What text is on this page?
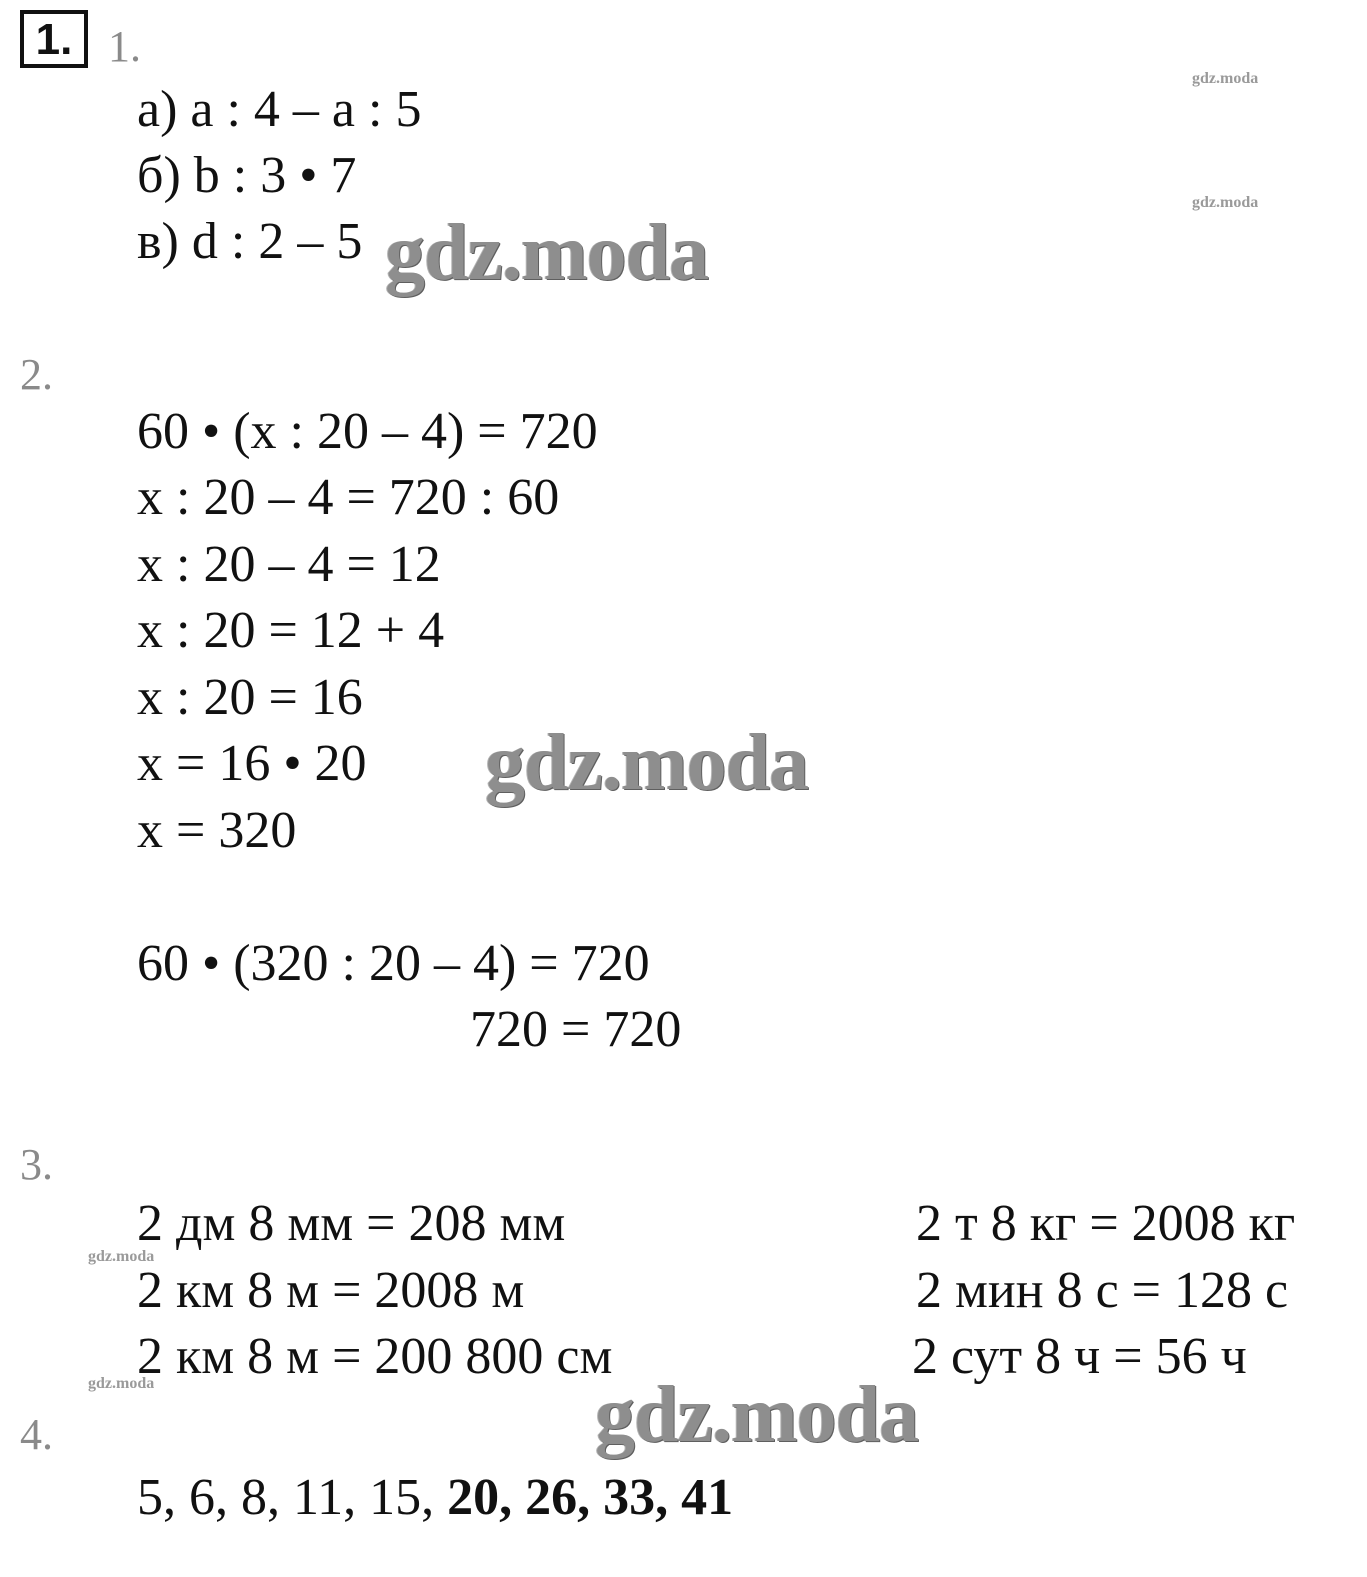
1. 1.
а) a : 4 – a : 5
б) b : 3 • 7
в) d : 2 – 5
2.
60 • (x : 20 – 4) = 720
x : 20 – 4 = 720 : 60
x : 20 – 4 = 12
x : 20 = 12 + 4
x : 20 = 16
x = 16 • 20
x = 320
60 • (320 : 20 – 4) = 720
720 = 720
3.
2 дм 8 мм = 208 мм
2 км 8 м = 2008 м
2 км 8 м = 200 800 см
2 т 8 кг = 2008 кг
2 мин 8 с = 128 с
2 сут 8 ч = 56 ч
4.
5, 6, 8, 11, 15, 20, 26, 33, 41
gdz.moda
gdz.moda
gdz.moda
gdz.moda
gdz.moda
gdz.moda
gdz.moda
